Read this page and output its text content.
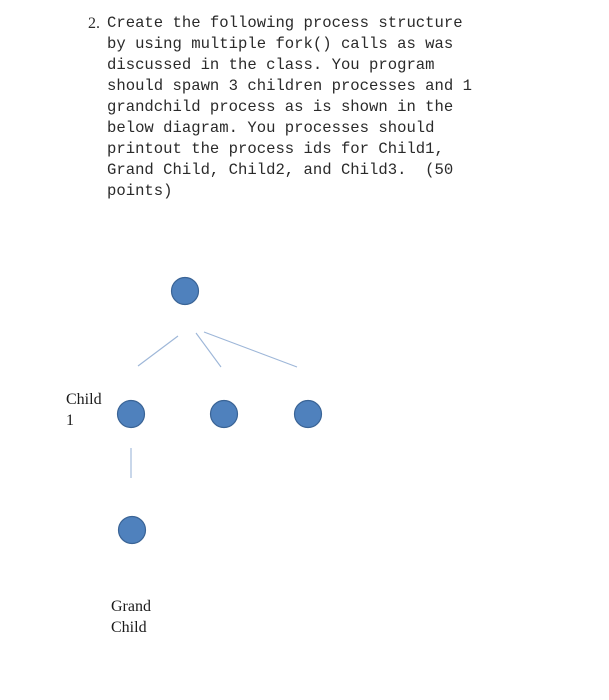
2. Create the following process structure
by using multiple fork() calls as was
discussed in the class. You program
should spawn 3 children processes and 1
grandchild process as is shown in the
below diagram. You processes should
printout the process ids for Child1,
Grand Child, Child2, and Child3.  (50
points)
Child
1
Grand
Child
